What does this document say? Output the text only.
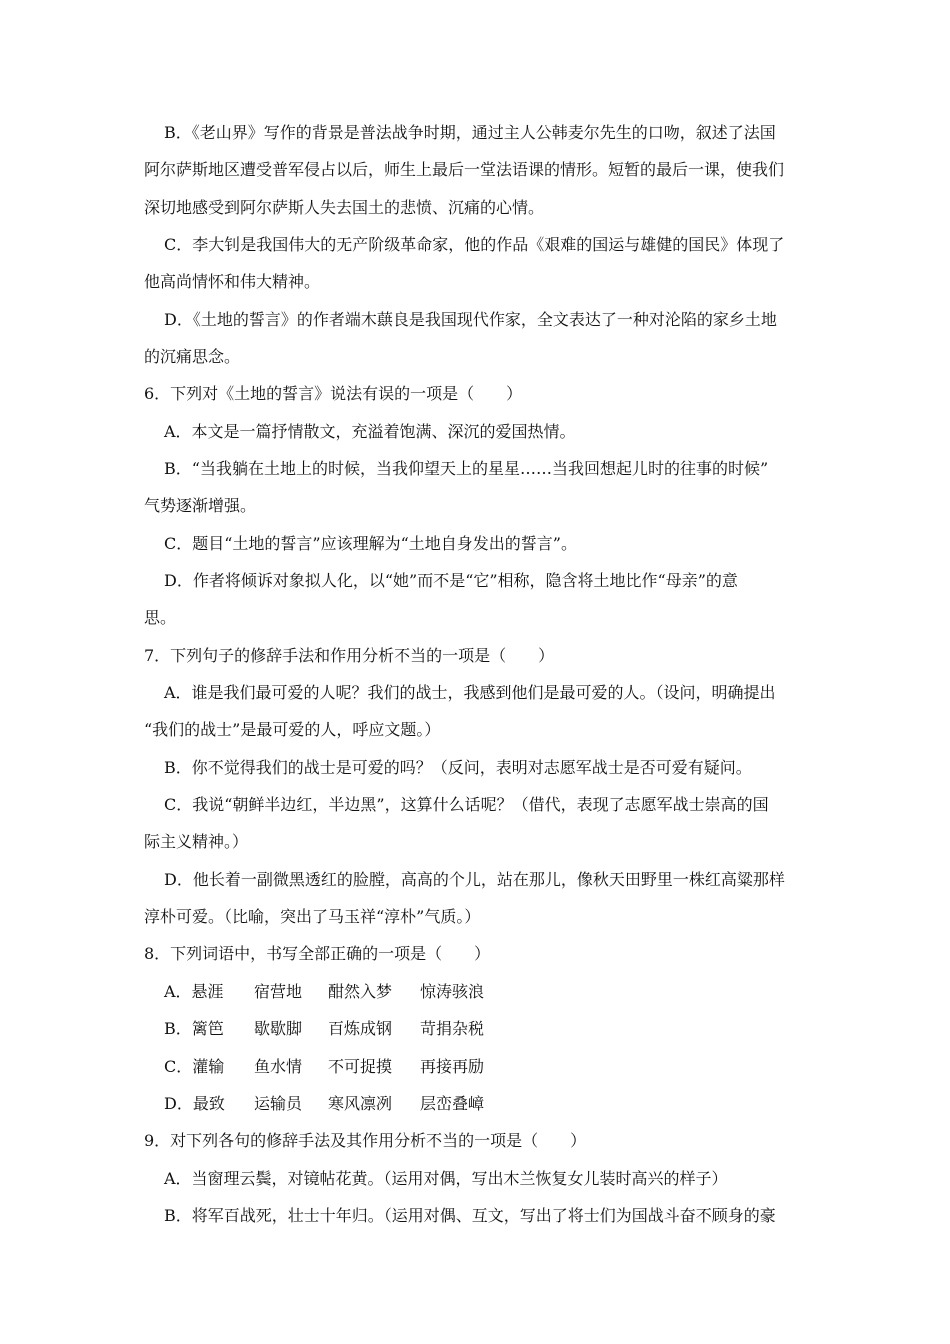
B．《老山界》写作的背景是普法战争时期，通过主人公韩麦尔先生的口吻，叙述了法国
阿尔萨斯地区遭受普军侵占以后，师生上最后一堂法语课的情形。短暂的最后一课，使我们
深切地感受到阿尔萨斯人失去国土的悲愤、沉痛的心情。
C．李大钊是我国伟大的无产阶级革命家，他的作品《艰难的国运与雄健的国民》体现了
他高尚情怀和伟大精神。
D．《土地的誓言》的作者端木蕻良是我国现代作家，全文表达了一种对沦陷的家乡土地
的沉痛思念。
6．下列对《土地的誓言》说法有误的一项是（　　）
A．本文是一篇抒情散文，充溢着饱满、深沉的爱国热情。
B．“当我躺在土地上的时候，当我仰望天上的星星……当我回想起儿时的往事的时候”
气势逐渐增强。
C．题目“土地的誓言”应该理解为“土地自身发出的誓言”。
D．作者将倾诉对象拟人化，以“她”而不是“它”相称，隐含将土地比作“母亲”的意
思。
7．下列句子的修辞手法和作用分析不当的一项是（　　）
A．谁是我们最可爱的人呢？我们的战士，我感到他们是最可爱的人。（设问，明确提出
“我们的战士”是最可爱的人，呼应文题。）
B．你不觉得我们的战士是可爱的吗？（反问，表明对志愿军战士是否可爱有疑问。
C．我说“朝鲜半边红，半边黑”，这算什么话呢？（借代，表现了志愿军战士崇高的国
际主义精神。）
D．他长着一副微黑透红的脸膛，高高的个儿，站在那儿，像秋天田野里一株红高粱那样
淳朴可爱。（比喻，突出了马玉祥“淳朴”气质。）
8．下列词语中，书写全部正确的一项是（　　）
A．悬涯 宿营地 酣然入梦 惊涛骇浪
B．篱笆 歇歇脚 百炼成钢 苛捐杂税
C．灌输 鱼水情 不可捉摸 再接再励
D．最致 运输员 寒风凛冽 层峦叠嶂
9．对下列各句的修辞手法及其作用分析不当的一项是（　　）
A．当窗理云鬓，对镜帖花黄。（运用对偶，写出木兰恢复女儿装时高兴的样子）
B．将军百战死，壮士十年归。（运用对偶、互文，写出了将士们为国战斗奋不顾身的豪
